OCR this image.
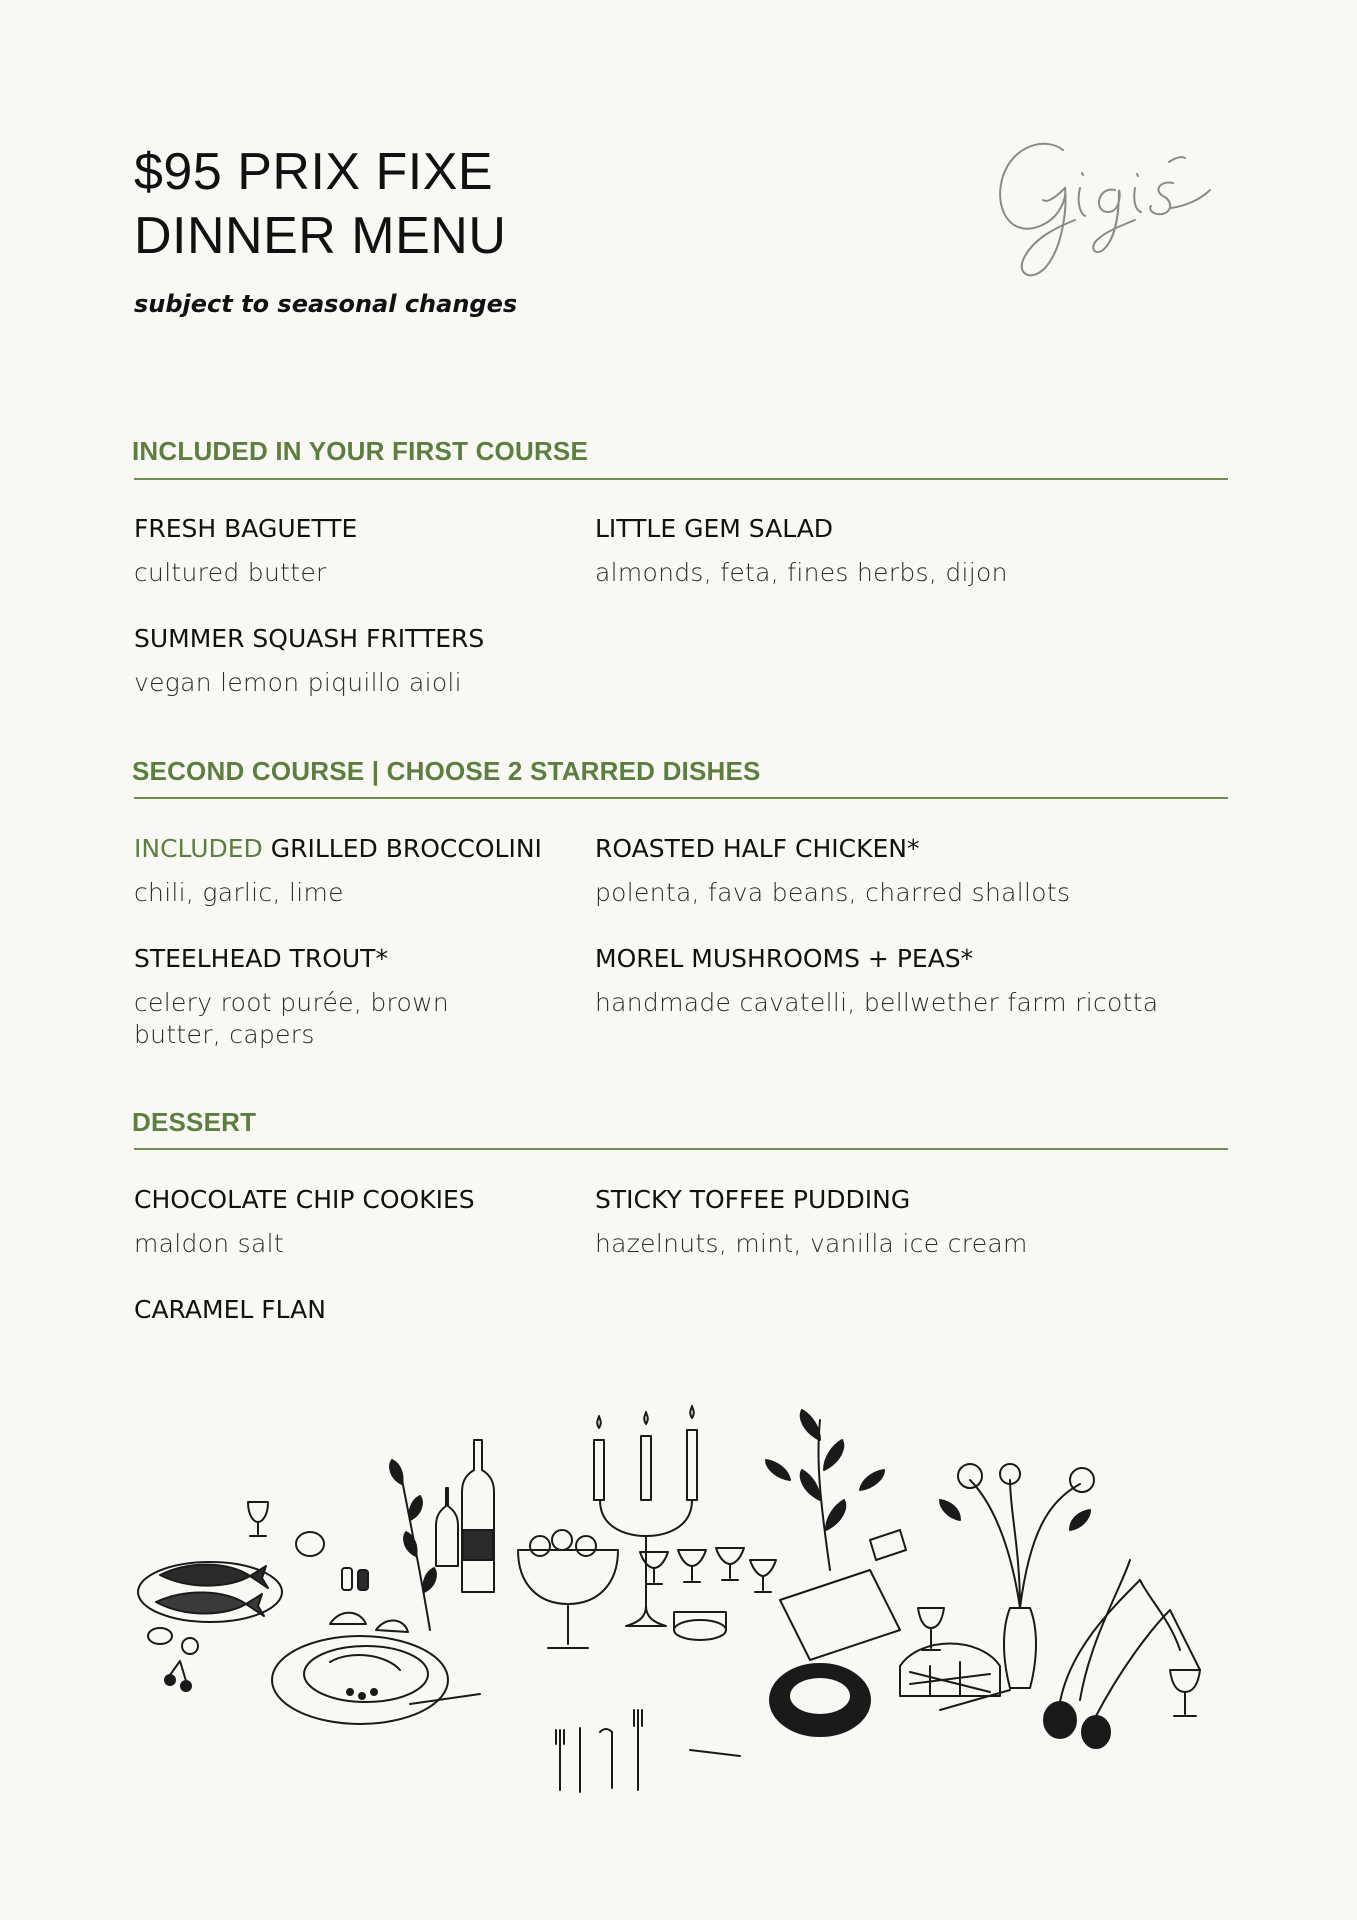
$95 PRIX FIXE
DINNER MENU
subject to seasonal changes
INCLUDED IN YOUR FIRST COURSE
FRESH BAGUETTE
cultured butter
LITTLE GEM SALAD
almonds, feta, fines herbs, dijon
SUMMER SQUASH FRITTERS
vegan lemon piquillo aioli
SECOND COURSE | CHOOSE 2 STARRED DISHES
INCLUDED GRILLED BROCCOLINI
chili, garlic, lime
ROASTED HALF CHICKEN*
polenta, fava beans, charred shallots
STEELHEAD TROUT*
celery root purée, brown butter, capers
MOREL MUSHROOMS + PEAS*
handmade cavatelli, bellwether farm ricotta
DESSERT
CHOCOLATE CHIP COOKIES
maldon salt
STICKY TOFFEE PUDDING
hazelnuts, mint, vanilla ice cream
CARAMEL FLAN
